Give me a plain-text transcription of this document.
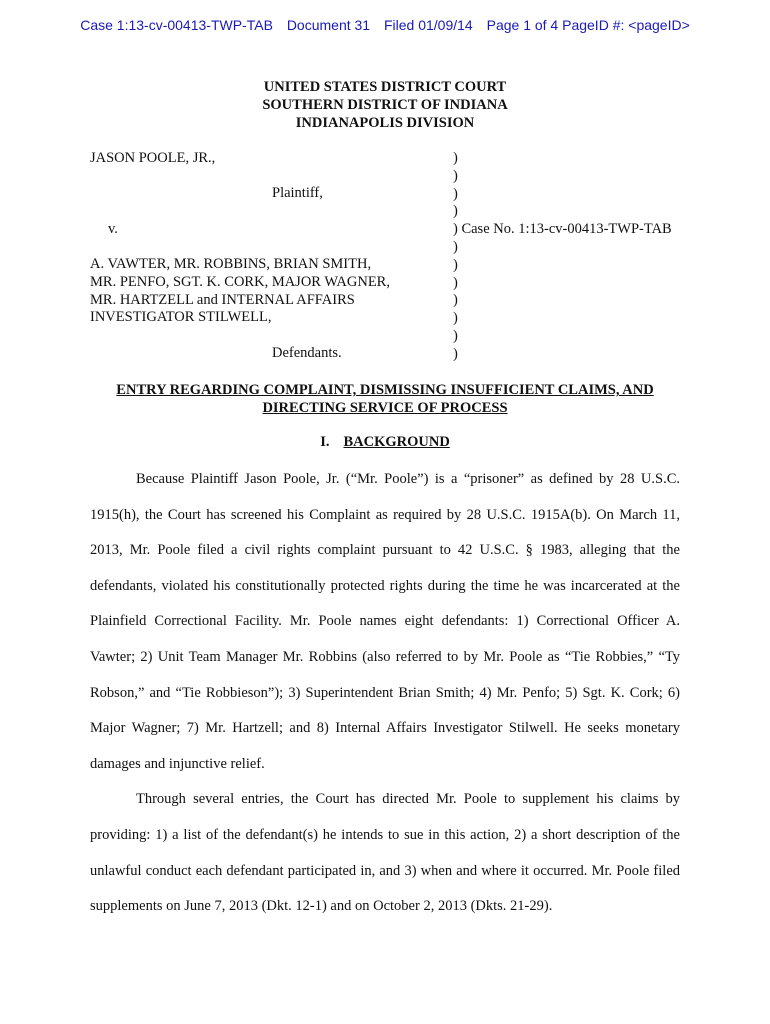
Case 1:13-cv-00413-TWP-TAB Document 31 Filed 01/09/14 Page 1 of 4 PageID #: <pageID>
UNITED STATES DISTRICT COURT
SOUTHERN DISTRICT OF INDIANA
INDIANAPOLIS DIVISION
JASON POOLE, JR.,
Plaintiff,
v.
A. VAWTER, MR. ROBBINS, BRIAN SMITH,
MR. PENFO, SGT. K. CORK, MAJOR WAGNER,
MR. HARTZELL and INTERNAL AFFAIRS
INVESTIGATOR STILWELL,
Defendants.
)
)
)
)
) Case No. 1:13-cv-00413-TWP-TAB
)
)
)
)
)
)
)
ENTRY REGARDING COMPLAINT, DISMISSING INSUFFICIENT CLAIMS, AND
DIRECTING SERVICE OF PROCESS
I. BACKGROUND

Because Plaintiff Jason Poole, Jr. (“Mr. Poole”) is a “prisoner” as defined by 28 U.S.C. 1915(h), the Court has screened his Complaint as required by 28 U.S.C. 1915A(b). On March 11, 2013, Mr. Poole filed a civil rights complaint pursuant to 42 U.S.C. § 1983, alleging that the defendants, violated his constitutionally protected rights during the time he was incarcerated at the Plainfield Correctional Facility. Mr. Poole names eight defendants: 1) Correctional Officer A. Vawter; 2) Unit Team Manager Mr. Robbins (also referred to by Mr. Poole as “Tie Robbies,” “Ty Robson,” and “Tie Robbieson”); 3) Superintendent Brian Smith; 4) Mr. Penfo; 5) Sgt. K. Cork; 6) Major Wagner; 7) Mr. Hartzell; and 8) Internal Affairs Investigator Stilwell. He seeks monetary damages and injunctive relief.

Through several entries, the Court has directed Mr. Poole to supplement his claims by providing: 1) a list of the defendant(s) he intends to sue in this action, 2) a short description of the unlawful conduct each defendant participated in, and 3) when and where it occurred. Mr. Poole filed supplements on June 7, 2013 (Dkt. 12-1) and on October 2, 2013 (Dkts. 21-29).
